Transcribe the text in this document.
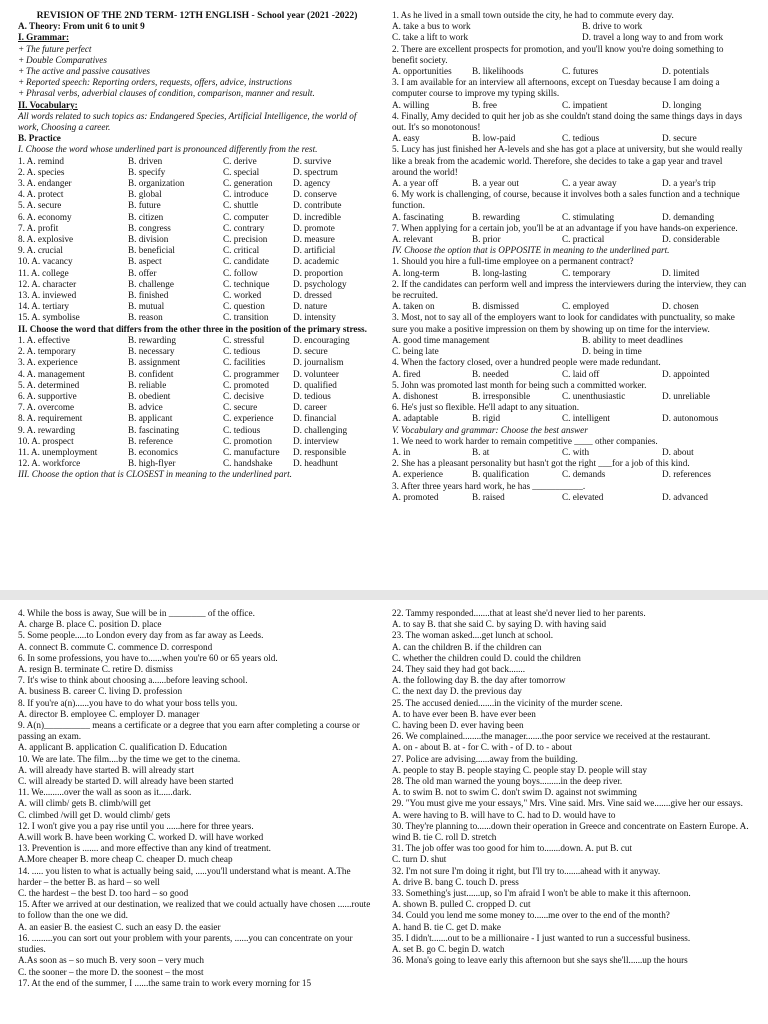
REVISION OF THE 2ND TERM- 12TH ENGLISH - School year (2021 -2022)
A. Theory: From unit 6 to unit 9
I. Grammar:
+ The future perfect
+ Double Comparatives
+ The active and passive causatives
+ Reported speech: Reporting orders, requests, offers, advice, instructions
+ Phrasal verbs, adverbial clauses of condition, comparison, manner and result.
II. Vocabulary:
All words related to such topics as: Endangered Species, Artificial Intelligence, the world of work, Choosing a career.
B. Practice
I. Choose the word whose underlined part is pronounced differently from the rest.
1. A. remind	B. driven	C. derive	D. survive
2. A. species	B. specify	C. special	D. spectrum
3. A. endanger	B. organization	C. generation	D. agency
4. A. protect	B. global	C. introduce	D. conserve
5. A. secure	B. future	C. shuttle	D. contribute
6. A. economy	B. citizen	C. computer	D. incredible
7. A. profit	B. congress	C. contrary	D. promote
8. A. explosive	B. division	C. precision	D. measure
9. A. crucial	B. beneficial	C. critical	D. artificial
10. A. vacancy	B. aspect	C. candidate	D. academic
11. A. college	B. offer	C. follow	D. proportion
12. A. character	B. challenge	C. technique	D. psychology
13. A. inviewed	B. finished	C. worked	D. dressed
14. A. tertiary	B. mutual	C. question	D. nature
15. A. symbolise	B. reason	C. transition	D. intensity
II. Choose the word that differs from the other three in the position of the primary stress.
1. A. effective	B. rewarding	C. stressful	D. encouraging
2. A. temporary	B. necessary	C. tedious	D. secure
3. A. experience	B. assignment	C. facilities	D. journalism
4. A. management	B. confident	C. programmer	D. volunteer
5. A. determined	B. reliable	C. promoted	D. qualified
6. A. supportive	B. obedient	C. decisive	D. tedious
7. A. overcome	B. advice	C. secure	D. career
8. A. requirement	B. applicant	C. experience	D. financial
9. A. rewarding	B. fascinating	C. tedious	D. challenging
10. A. prospect	B. reference	C. promotion	D. interview
11. A. unemployment	B. economics	C. manufacture	D. responsible
12. A. workforce	B. high-flyer	C. handshake	D. headhunt
III. Choose the option that is CLOSEST in meaning to the underlined part.
1. As he lived in a small town outside the city, he had to commute every day.
A. take a bus to work	B. drive to work
C. take a lift to work	D. travel a long way to and from work
2. There are excellent prospects for promotion, and you'll know you're doing something to benefit society.
A. opportunities	B. likelihoods	C. futures	D. potentials
3. I am available for an interview all afternoons, except on Tuesday because I am doing a computer course to improve my typing skills.
A. willing	B. free	C. impatient	D. longing
4. Finally, Amy decided to quit her job as she couldn't stand doing the same things days in days out. It's so monotonous!
A. easy	B. low-paid	C. tedious	D. secure
5. Lucy has just finished her A-levels and she has got a place at university, but she would really like a break from the academic world. Therefore, she decides to take a gap year and travel around the world!
A. a year off	B. a year out	C. a year away	D. a year's trip
6. My work is challenging, of course, because it involves both a sales function and a technique function.
A. fascinating	B. rewarding	C. stimulating	D. demanding
7. When applying for a certain job, you'll be at an advantage if you have hands-on experience.
A. relevant	B. prior	C. practical	D. considerable
IV. Choose the option that is OPPOSITE in meaning to the underlined part.
1. Should you hire a full-time employee on a permanent contract?
A. long-term	B. long-lasting	C. temporary	D. limited
2. If the candidates can perform well and impress the interviewers during the interview, they can be recruited.
A. taken on	B. dismissed	C. employed	D. chosen
3. Most, not to say all of the employers want to look for candidates with punctuality, so make sure you make a positive impression on them by showing up on time for the interview.
A. good time management	B. ability to meet deadlines
C. being late	D. being in time
4. When the factory closed, over a hundred people were made redundant.
A. fired	B. needed	C. laid off	D. appointed
5. John was promoted last month for being such a committed worker.
A. dishonest	B. irresponsible	C. unenthusiastic	D. unreliable
6. He's just so flexible. He'll adapt to any situation.
A. adaptable	B. rigid	C. intelligent	D. autonomous
V. Vocabulary and grammar: Choose the best answer
1. We need to work harder to remain competitive ____ other companies.
A. in	B. at	C. with	D. about
2. She has a pleasant personality but hasn't got the right ___for a job of this kind.
A. experience	B. qualification	C. demands	D. references
3. After three years hard work, he has ___________.
A. promoted	B. raised	C. elevated	D. advanced
4. While the boss is away, Sue will be in ________ of the office.
A. charge B. place C. position D. place
5. Some people.....to London every day from as far away as Leeds.
A. connect B. commute C. commence D. correspond
6. In some professions, you have to......when you're 60 or 65 years old.
A. resign B. terminate C. retire D. dismiss
7. It's wise to think about choosing a......before leaving school.
A. business B. career C. living D. profession
8. If you're a(n)......you have to do what your boss tells you.
A. director B. employee C. employer D. manager
9. A(n)__________ means a certificate or a degree that you earn after completing a course or passing an exam.
A. applicant B. application C. qualification D. Education
10. We are late. The film....by the time we get to the cinema.
A. will already have started B. will already start
C. will already be started D. will already have been started
11. We.........over the wall as soon as it......dark.
A. will climb/ gets B. climb/will get
C. climbed /will get D. would climb/ gets
12. I won't give you a pay rise until you ......here for three years.
A.will work B. have been working C. worked D. will have worked
13. Prevention is ....... and more effective than any kind of treatment.
A.More cheaper B. more cheap C. cheaper D. much cheap
14. ..... you listen to what is actually being said, .....you'll understand what is meant. A.The harder – the better B. as hard – so well
C. the hardest – the best D. too hard – so good
15. After we arrived at our destination, we realized that we could actually have chosen ......route to follow than the one we did.
A. an easier B. the easiest C. such an easy D. the easier
16. .........you can sort out your problem with your parents, ......you can concentrate on your studies.
A.As soon as – so much B. very soon – very much
C. the sooner – the more D. the soonest – the most
17. At the end of the summer, I ......the same train to work every morning for 15
22. Tammy responded.......that at least she'd never lied to her parents.
A. to say B. that she said C. by saying D. with having said
23. The woman asked....get lunch at school.
A. can the children B. if the children can
C. whether the children could D. could the children
24. They said they had got back.......
A. the following day B. the day after tomorrow
C. the next day D. the previous day
25. The accused denied.......in the vicinity of the murder scene.
A. to have ever been B. have ever been
C. having been D. ever having been
26. We complained........the manager.......the poor service we received at the restaurant.
A. on - about B. at - for C. with - of D. to - about
27. Police are advising......away from the building.
A. people to stay B. people staying C. people stay D. people will stay
28. The old man warned the young boys.........in the deep river.
A. to swim B. not to swim C. don't swim D. against not swimming
29. "You must give me your essays," Mrs. Vine said. Mrs. Vine said we.......give her our essays.
A. were having to B. will have to C. had to D. would have to
30. They're planning to......down their operation in Greece and concentrate on Eastern Europe. A. wind B. tie C. roll D. stretch
31. The job offer was too good for him to.......down. A. put B. cut
C. turn D. shut
32. I'm not sure I'm doing it right, but I'll try to.......ahead with it anyway.
A. drive B. bang C. touch D. press
33. Something's just......up, so I'm afraid I won't be able to make it this afternoon.
A. shown B. pulled C. cropped D. cut
34. Could you lend me some money to......me over to the end of the month?
A. hand B. tie C. get D. make
35. I didn't.......out to be a millionaire - I just wanted to run a successful business.
A. set B. go C. begin D. watch
36. Mona's going to leave early this afternoon but she says she'll......up the hours
